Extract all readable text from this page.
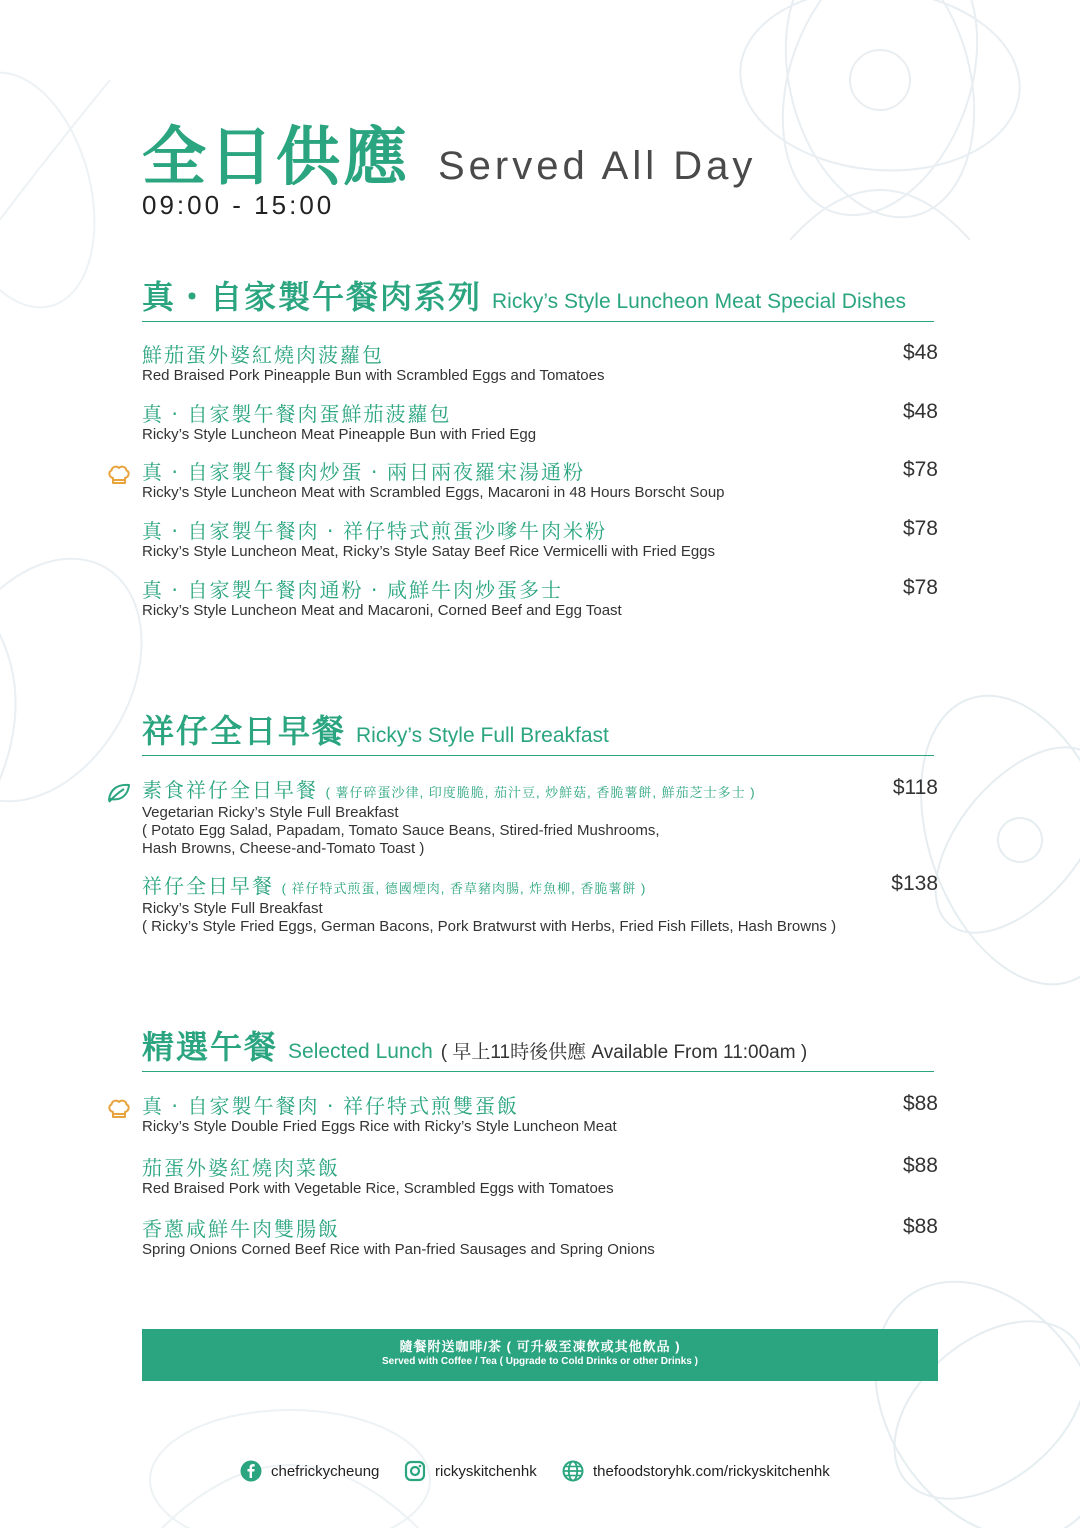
全日供應 Served All Day
09:00 - 15:00
真・自家製午餐肉系列 Ricky’s Style Luncheon Meat Special Dishes
鮮茄蛋外婆紅燒肉菠蘿包
Red Braised Pork Pineapple Bun with Scrambled Eggs and Tomatoes
$48
真 ‧ 自家製午餐肉蛋鮮茄菠蘿包
Ricky’s Style Luncheon Meat Pineapple Bun with Fried Egg
$48
真 ‧ 自家製午餐肉炒蛋 ‧ 兩日兩夜羅宋湯通粉
Ricky’s Style Luncheon Meat with Scrambled Eggs, Macaroni in 48 Hours Borscht Soup
$78
真 ‧ 自家製午餐肉 ‧ 祥仔特式煎蛋沙嗲牛肉米粉
Ricky’s Style Luncheon Meat, Ricky’s Style Satay Beef Rice Vermicelli with Fried Eggs
$78
真 ‧ 自家製午餐肉通粉 ‧ 咸鮮牛肉炒蛋多士
Ricky’s Style Luncheon Meat and Macaroni, Corned Beef and Egg Toast
$78
祥仔全日早餐 Ricky’s Style Full Breakfast
素食祥仔全日早餐 ( 薯仔碎蛋沙律, 印度脆脆, 茄汁豆, 炒鮮菇, 香脆薯餅, 鮮茄芝士多士 )
Vegetarian Ricky’s Style Full Breakfast
( Potato Egg Salad, Papadam, Tomato Sauce Beans, Stired-fried Mushrooms,
Hash Browns, Cheese-and-Tomato Toast )
$118
祥仔全日早餐 ( 祥仔特式煎蛋, 德國煙肉, 香草豬肉腸, 炸魚柳, 香脆薯餅 )
Ricky’s Style Full Breakfast
( Ricky’s Style Fried Eggs, German Bacons, Pork Bratwurst with Herbs, Fried Fish Fillets, Hash Browns )
$138
精選午餐 Selected Lunch ( 早上11時後供應 Available From 11:00am )
真 ‧ 自家製午餐肉 ‧ 祥仔特式煎雙蛋飯
Ricky’s Style Double Fried Eggs Rice with Ricky’s Style Luncheon Meat
$88
茄蛋外婆紅燒肉菜飯
Red Braised Pork with Vegetable Rice, Scrambled Eggs with Tomatoes
$88
香蔥咸鮮牛肉雙腸飯
Spring Onions Corned Beef Rice with Pan-fried Sausages and Spring Onions
$88
隨餐附送咖啡/茶 ( 可升級至凍飲或其他飲品 )
Served with Coffee / Tea ( Upgrade to Cold Drinks or other Drinks )
chefrickycheung	rickyskitchenhk	thefoodstoryhk.com/rickyskitchenhk
